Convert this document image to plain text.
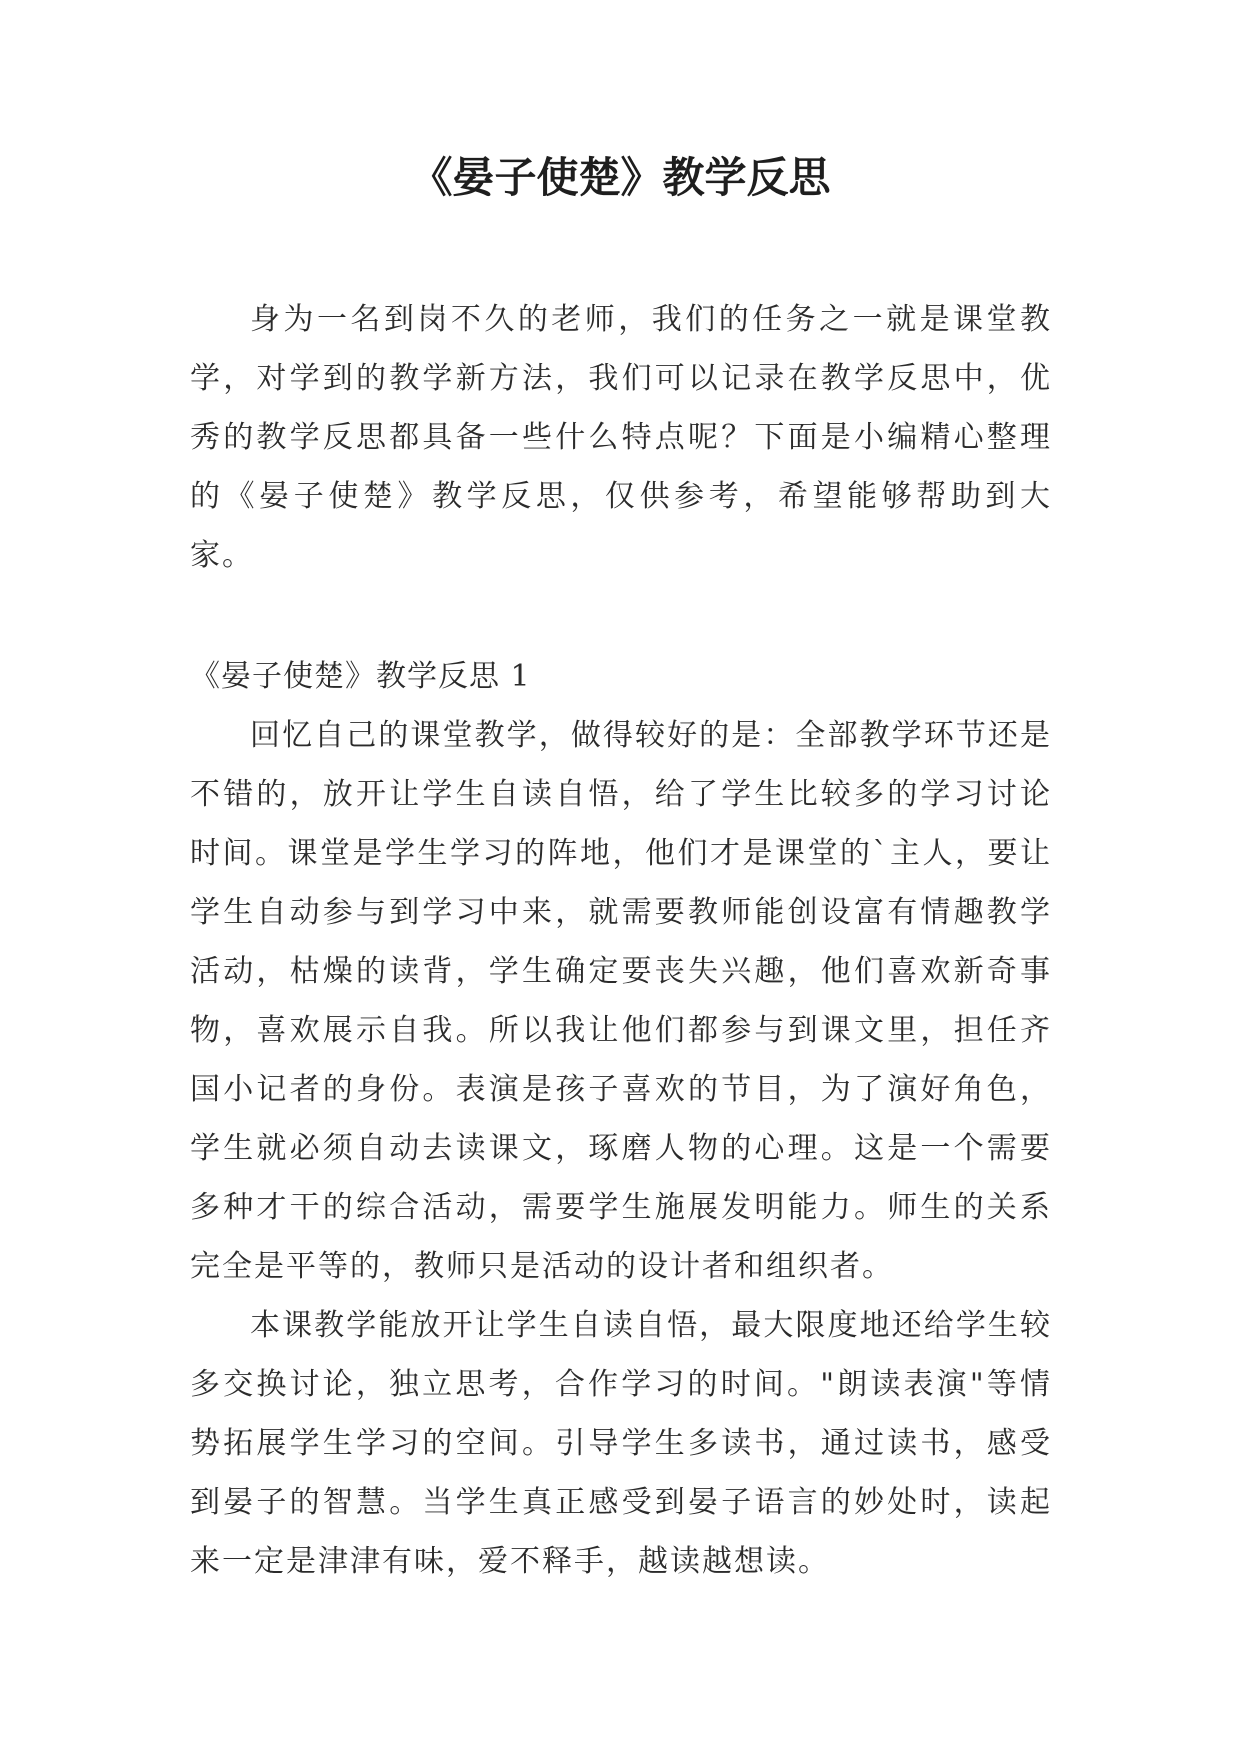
《晏子使楚》教学反思

身为一名到岗不久的老师，我们的任务之一就是课堂教学，对学到的教学新方法，我们可以记录在教学反思中，优秀的教学反思都具备一些什么特点呢？下面是小编精心整理的《晏子使楚》教学反思，仅供参考，希望能够帮助到大家。

《晏子使楚》教学反思 1

回忆自己的课堂教学，做得较好的是：全部教学环节还是不错的，放开让学生自读自悟，给了学生比较多的学习讨论时间。课堂是学生学习的阵地，他们才是课堂的`主人，要让学生自动参与到学习中来，就需要教师能创设富有情趣教学活动，枯燥的读背，学生确定要丧失兴趣，他们喜欢新奇事物，喜欢展示自我。所以我让他们都参与到课文里，担任齐国小记者的身份。表演是孩子喜欢的节目，为了演好角色，学生就必须自动去读课文，琢磨人物的心理。这是一个需要多种才干的综合活动，需要学生施展发明能力。师生的关系完全是平等的，教师只是活动的设计者和组织者。

本课教学能放开让学生自读自悟，最大限度地还给学生较多交换讨论，独立思考，合作学习的时间。"朗读表演"等情势拓展学生学习的空间。引导学生多读书，通过读书，感受到晏子的智慧。当学生真正感受到晏子语言的妙处时，读起来一定是津津有味，爱不释手，越读越想读。
